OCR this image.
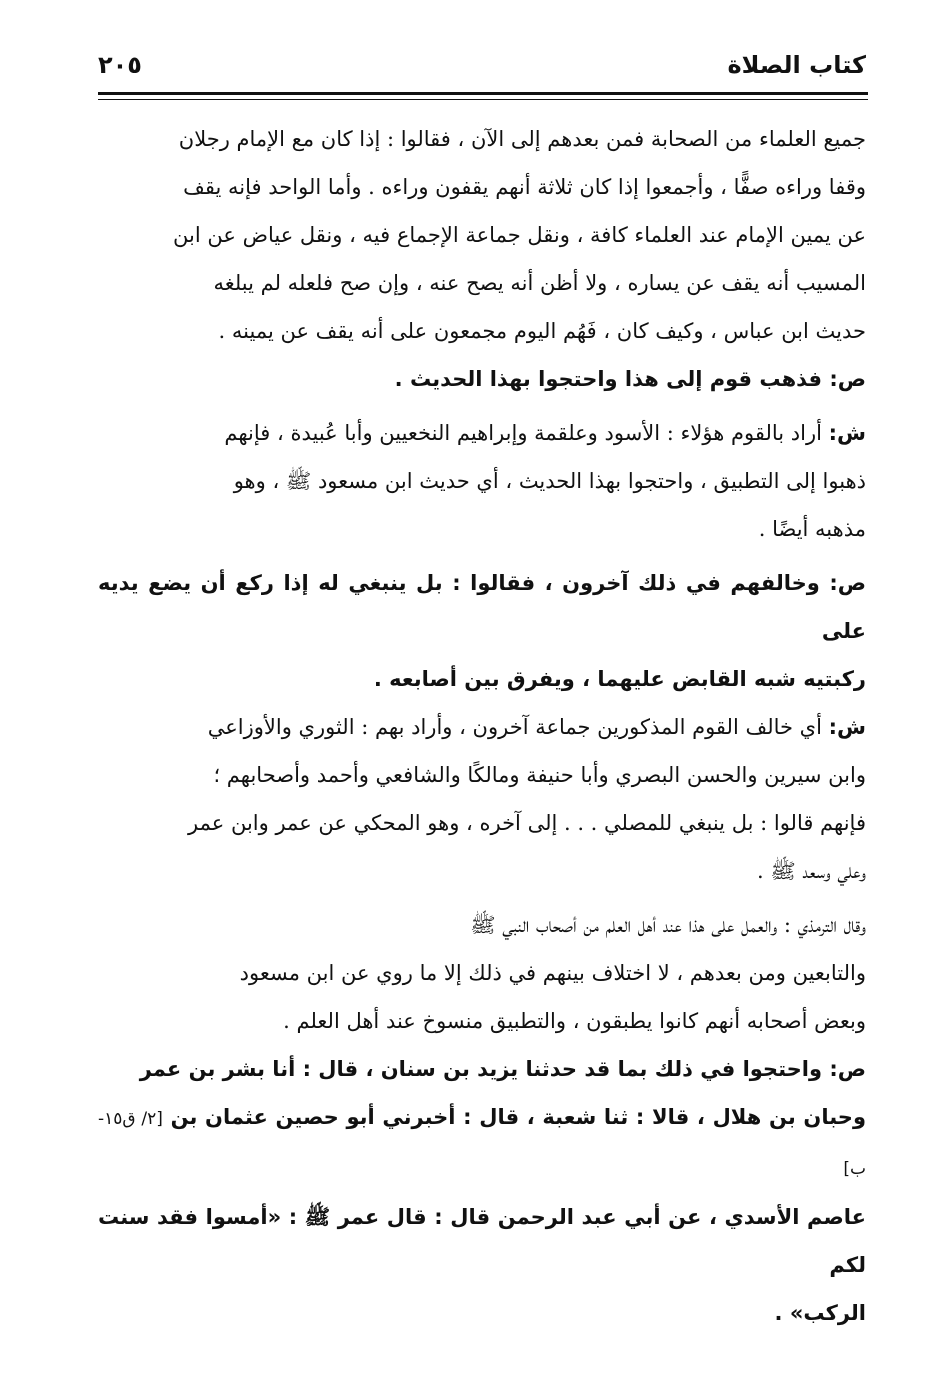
كتاب الصلاة
٢٠٥

جميع العلماء من الصحابة فمن بعدهم إلى الآن ، فقالوا : إذا كان مع الإمام رجلان
وقفا وراءه صفًّا ، وأجمعوا إذا كان ثلاثة أنهم يقفون وراءه . وأما الواحد فإنه يقف
عن يمين الإمام عند العلماء كافة ، ونقل جماعة الإجماع فيه ، ونقل عياض عن ابن
المسيب أنه يقف عن يساره ، ولا أظن أنه يصح عنه ، وإن صح فلعله لم يبلغه
حديث ابن عباس ، وكيف كان ، فَهُم اليوم مجمعون على أنه يقف عن يمينه .

ص: فذهب قوم إلى هذا واحتجوا بهذا الحديث .

ش: أراد بالقوم هؤلاء : الأسود وعلقمة وإبراهيم النخعيين وأبا عُبيدة ، فإنهم
ذهبوا إلى التطبيق ، واحتجوا بهذا الحديث ، أي حديث ابن مسعود ﷺ ، وهو
مذهبه أيضًا .

ص: وخالفهم في ذلك آخرون ، فقالوا : بل ينبغي له إذا ركع أن يضع يديه على
ركبتيه شبه القابض عليهما ، ويفرق بين أصابعه .

ش: أي خالف القوم المذكورين جماعة آخرون ، وأراد بهم : الثوري والأوزاعي
وابن سيرين والحسن البصري وأبا حنيفة ومالكًا والشافعي وأحمد وأصحابهم ؛
فإنهم قالوا : بل ينبغي للمصلي . . . إلى آخره ، وهو المحكي عن عمر وابن عمر
وعلي وسعد ﷺ .

وقال الترمذي : والعمل على هذا عند أهل العلم من أصحاب النبي ﷺ
والتابعين ومن بعدهم ، لا اختلاف بينهم في ذلك إلا ما روي عن ابن مسعود
وبعض أصحابه أنهم كانوا يطبقون ، والتطبيق منسوخ عند أهل العلم .

ص: واحتجوا في ذلك بما قد حدثنا يزيد بن سنان ، قال : أنا بشر بن عمر
وحبان بن هلال ، قالا : ثنا شعبة ، قال : أخبرني أبو حصين عثمان بن [٢/ ق١٥-ب]
عاصم الأسدي ، عن أبي عبد الرحمن قال : قال عمر ﷺ : «أمسوا فقد سنت لكم
الركب» .
